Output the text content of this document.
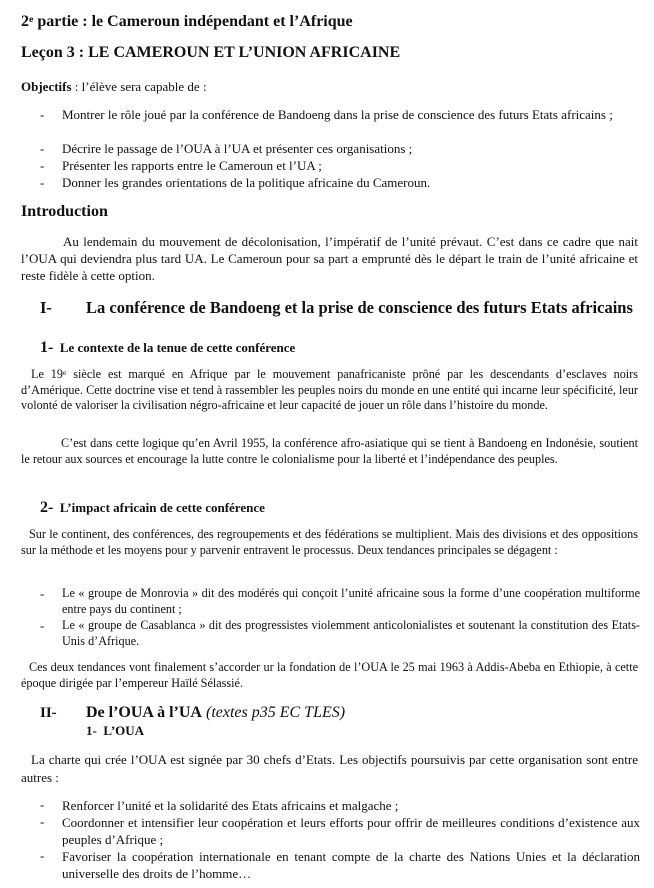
2e partie : le Cameroun indépendant et l’Afrique
Leçon 3 : LE CAMEROUN ET L’UNION AFRICAINE
Objectifs : l’élève sera capable de :
- Montrer le rôle joué par la conférence de Bandoeng dans la prise de conscience des futurs Etats africains ;
- Décrire le passage de l’OUA à l’UA et présenter ces organisations ;
- Présenter les rapports entre le Cameroun et l’UA ;
- Donner les grandes orientations de la politique africaine du Cameroun.
Introduction
Au lendemain du mouvement de décolonisation, l’impératif de l’unité prévaut. C’est dans ce cadre que nait l’OUA qui deviendra plus tard UA. Le Cameroun pour sa part a emprunté dès le départ le train de l’unité africaine et reste fidèle à cette option.
I- La conférence de Bandoeng et la prise de conscience des futurs Etats africains
1- Le contexte de la tenue de cette conférence
Le 19e siècle est marqué en Afrique par le mouvement panafricaniste prôné par les descendants d’esclaves noirs d’Amérique. Cette doctrine vise et tend à rassembler les peuples noirs du monde en une entité qui incarne leur spécificité, leur volonté de valoriser la civilisation négro-africaine et leur capacité de jouer un rôle dans l’histoire du monde.
C’est dans cette logique qu’en Avril 1955, la conférence afro-asiatique qui se tient à Bandoeng en Indonésie, soutient le retour aux sources et encourage la lutte contre le colonialisme pour la liberté et l’indépendance des peuples.
2- L’impact africain de cette conférence
Sur le continent, des conférences, des regroupements et des fédérations se multiplient. Mais des divisions et des oppositions sur la méthode et les moyens pour y parvenir entravent le processus. Deux tendances principales se dégagent :
- Le « groupe de Monrovia » dit des modérés qui conçoit l’unité africaine sous la forme d’une coopération multiforme entre pays du continent ;
- Le « groupe de Casablanca » dit des progressistes violemment anticolonialistes et soutenant la constitution des Etats-Unis d’Afrique.
Ces deux tendances vont finalement s’accorder ur la fondation de l’OUA le 25 mai 1963 à Addis-Abeba en Ethiopie, à cette époque dirigée par l’empereur Haïlé Sélassié.
II- De l’OUA à l’UA (textes p35 EC TLES)
1- L’OUA
La charte qui crée l’OUA est signée par 30 chefs d’Etats. Les objectifs poursuivis par cette organisation sont entre autres :
- Renforcer l’unité et la solidarité des Etats africains et malgache ;
- Coordonner et intensifier leur coopération et leurs efforts pour offrir de meilleures conditions d’existence aux peuples d’Afrique ;
- Favoriser la coopération internationale en tenant compte de la charte des Nations Unies et la déclaration universelle des droits de l’homme…
